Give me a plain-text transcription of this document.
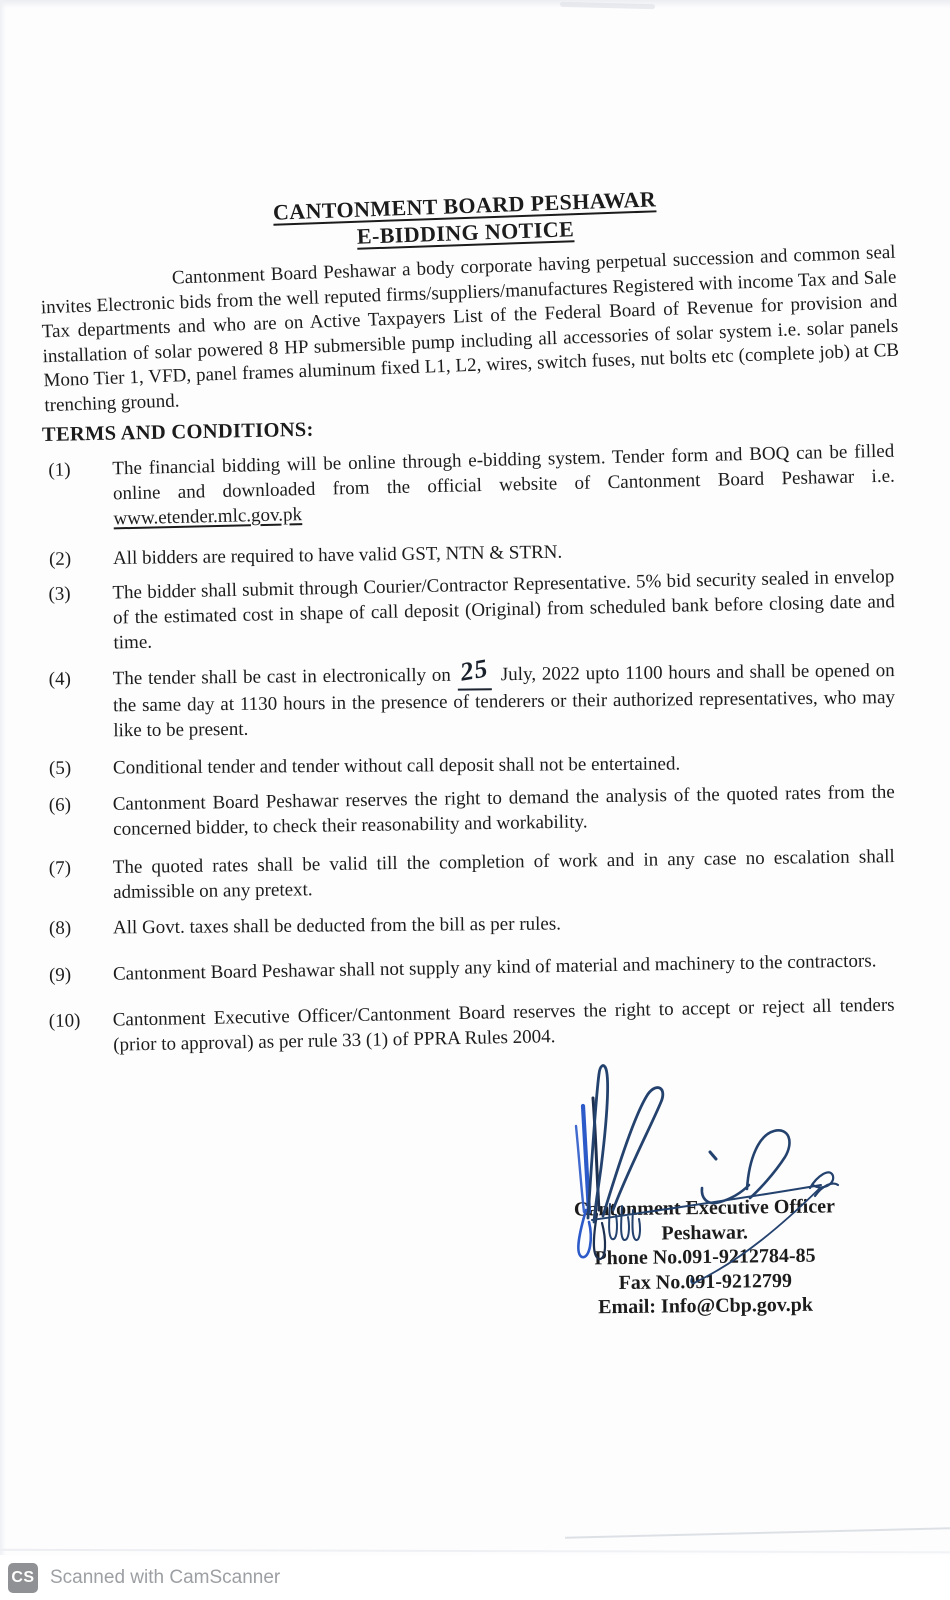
CANTONMENT BOARD PESHAWAR
E-BIDDING NOTICE

Cantonment Board Peshawar a body corporate having perpetual succession and common seal invites Electronic bids from the well reputed firms/suppliers/manufactures Registered with income Tax and Sale Tax departments and who are on Active Taxpayers List of the Federal Board of Revenue for provision and installation of solar powered 8 HP submersible pump including all accessories of solar system i.e. solar panels Mono Tier 1, VFD, panel frames aluminum fixed L1, L2, wires, switch fuses, nut bolts etc (complete job) at CB trenching ground.

TERMS AND CONDITIONS:
(1)	The financial bidding will be online through e-bidding system. Tender form and BOQ can be filled online and downloaded from the official website of Cantonment Board Peshawar i.e. www.etender.mlc.gov.pk
(2)	All bidders are required to have valid GST, NTN & STRN.
(3)	The bidder shall submit through Courier/Contractor Representative. 5% bid security sealed in envelop of the estimated cost in shape of call deposit (Original) from scheduled bank before closing date and time.
(4)	The tender shall be cast in electronically on 25 July, 2022 upto 1100 hours and shall be opened on the same day at 1130 hours in the presence of tenderers or their authorized representatives, who may like to be present.
(5)	Conditional tender and tender without call deposit shall not be entertained.
(6)	Cantonment Board Peshawar reserves the right to demand the analysis of the quoted rates from the concerned bidder, to check their reasonability and workability.
(7)	The quoted rates shall be valid till the completion of work and in any case no escalation shall admissible on any pretext.
(8)	All Govt. taxes shall be deducted from the bill as per rules.
(9)	Cantonment Board Peshawar shall not supply any kind of material and machinery to the contractors.
(10)	Cantonment Executive Officer/Cantonment Board reserves the right to accept or reject all tenders (prior to approval) as per rule 33 (1) of PPRA Rules 2004.
Cantonment Executive Officer
Peshawar.
Phone No.091-9212784-85
Fax No.091-9212799
Email: Info@Cbp.gov.pk
CS Scanned with CamScanner
